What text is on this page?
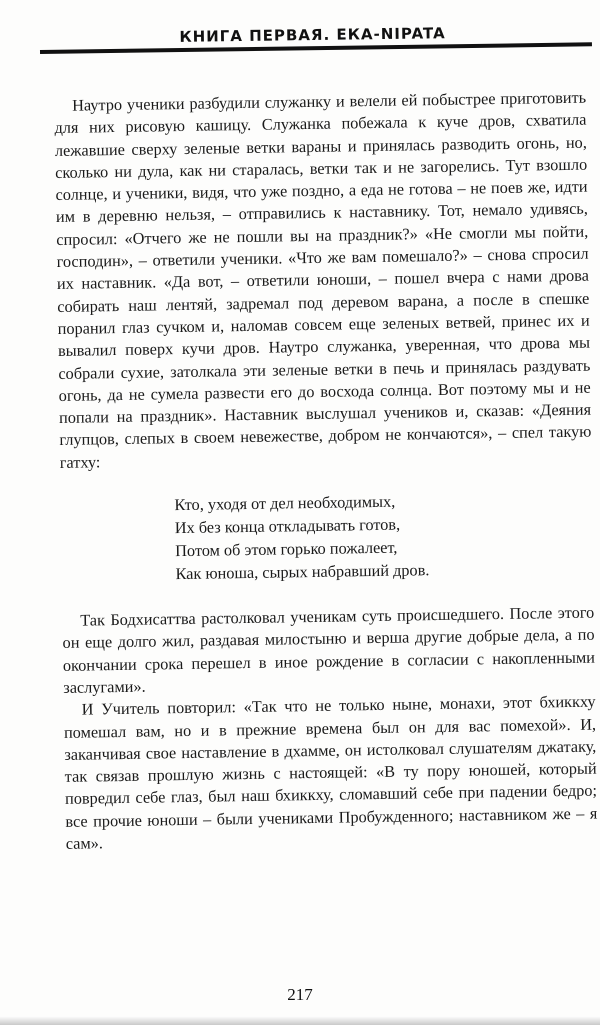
КНИГА ПЕРВАЯ. ЕКА-NIPATA

Наутро ученики разбудили служанку и велели ей побыстрее приготовить для них рисовую кашицу. Служанка побежала к куче дров, схватила лежавшие сверху зеленые ветки вараны и принялась разводить огонь, но, сколько ни дула, как ни старалась, ветки так и не загорелись. Тут взошло солнце, и ученики, видя, что уже поздно, а еда не готова – не поев же, идти им в деревню нельзя, – отправились к наставнику. Тот, немало удивясь, спросил: «Отчего же не пошли вы на праздник?» «Не смогли мы пойти, господин», – ответили ученики. «Что же вам помешало?» – снова спросил их наставник. «Да вот, – ответили юноши, – пошел вчера с нами дрова собирать наш лентяй, задремал под деревом варана, а после в спешке поранил глаз сучком и, наломав совсем еще зеленых ветвей, принес их и вывалил поверх кучи дров. Наутро служанка, уверенная, что дрова мы собрали сухие, затолкала эти зеленые ветки в печь и принялась раздувать огонь, да не сумела развести его до восхода солнца. Вот поэтому мы и не попали на праздник». Наставник выслушал учеников и, сказав: «Деяния глупцов, слепых в своем невежестве, добром не кончаются», – спел такую гатху:

Кто, уходя от дел необходимых,
Их без конца откладывать готов,
Потом об этом горько пожалеет,
Как юноша, сырых набравший дров.

Так Бодхисаттва растолковал ученикам суть происшедшего. После этого он еще долго жил, раздавая милостыню и верша другие добрые дела, а по окончании срока перешел в иное рождение в согласии с накопленными заслугами».

И Учитель повторил: «Так что не только ныне, монахи, этот бхиккху помешал вам, но и в прежние времена был он для вас помехой». И, заканчивая свое наставление в дхамме, он истолковал слушателям джатаку, так связав прошлую жизнь с настоящей: «В ту пору юношей, который повредил себе глаз, был наш бхиккху, сломавший себе при падении бедро; все прочие юноши – были учениками Пробужденного; наставником же – я сам».

217
